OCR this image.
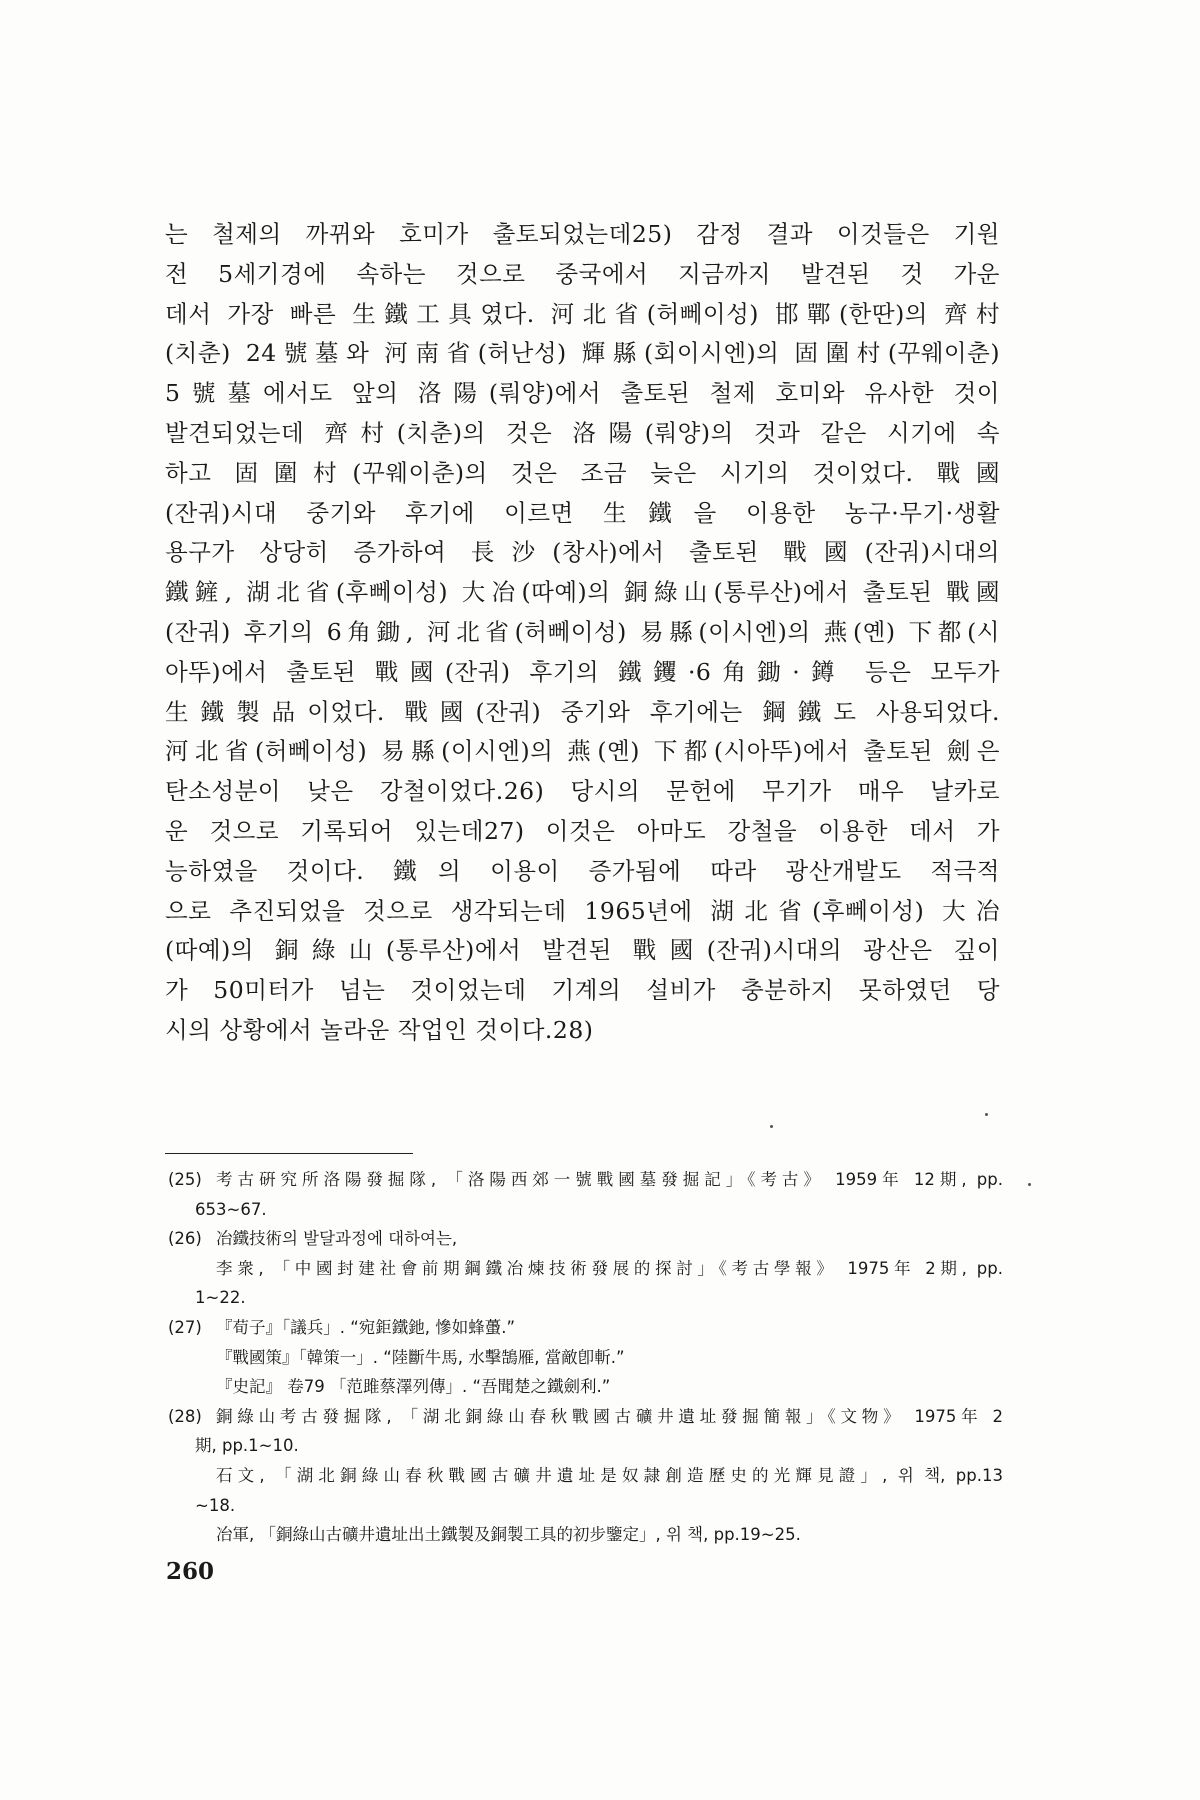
는 철제의 까뀌와 호미가 출토되었는데25) 감정 결과 이것들은 기원
전 5세기경에 속하는 것으로 중국에서 지금까지 발견된 것 가운
데서 가장 빠른 生鐵工具였다. 河北省(허뻬이성) 邯鄲(한딴)의 齊村
(치춘) 24號墓와 河南省(허난성) 輝縣(회이시엔)의 固圍村(꾸웨이춘)
5號墓에서도 앞의 洛陽(뤄양)에서 출토된 철제 호미와 유사한 것이
발견되었는데 齊村(치춘)의 것은 洛陽(뤄양)의 것과 같은 시기에 속
하고 固圍村(꾸웨이춘)의 것은 조금 늦은 시기의 것이었다. 戰國
(잔궈)시대 중기와 후기에 이르면 生鐵을 이용한 농구·무기·생활
용구가 상당히 증가하여 長沙(창사)에서 출토된 戰國(잔궈)시대의
鐵鏟, 湖北省(후뻬이성) 大冶(따예)의 銅綠山(통루산)에서 출토된 戰國
(잔궈) 후기의 6角鋤, 河北省(허뻬이성) 易縣(이시엔)의 燕(옌) 下都(시
아뚜)에서 출토된 戰國(잔궈) 후기의 鐵钁·6角鋤·鐏 등은 모두가
生鐵製品이었다. 戰國(잔궈) 중기와 후기에는 鋼鐵도 사용되었다.
河北省(허뻬이성) 易縣(이시엔)의 燕(옌) 下都(시아뚜)에서 출토된 劍은
탄소성분이 낮은 강철이었다.26) 당시의 문헌에 무기가 매우 날카로
운 것으로 기록되어 있는데27) 이것은 아마도 강철을 이용한 데서 가
능하였을 것이다. 鐵의 이용이 증가됨에 따라 광산개발도 적극적
으로 추진되었을 것으로 생각되는데 1965년에 湖北省(후뻬이성) 大冶
(따예)의 銅綠山(통루산)에서 발견된 戰國(잔궈)시대의 광산은 깊이
가 50미터가 넘는 것이었는데 기계의 설비가 충분하지 못하였던 당
시의 상황에서 놀라운 작업인 것이다.28)
(25) 考古硏究所洛陽發掘隊, 「洛陽西郊一號戰國墓發掘記」《考古》 1959年 12期, pp.
653~67.
(26) 冶鐵技術의 발달과정에 대하여는,
李衆, 「中國封建社會前期鋼鐵冶煉技術發展的探討」《考古學報》 1975年 2期, pp.
1~22.
(27) 『荀子』「議兵」. “宛鉅鐵釶, 慘如蜂蠆.”
『戰國策』「韓策一」. “陸斷牛馬, 水擊鵠雁, 當敵卽斬.”
『史記』 卷79 「范雎蔡澤列傳」. “吾聞楚之鐵劍利.”
(28) 銅綠山考古發掘隊, 「湖北銅綠山春秋戰國古礦井遺址發掘簡報」《文物》 1975年 2
期, pp.1~10.
石文, 「湖北銅綠山春秋戰國古礦井遺址是奴隷創造歷史的光輝見證」, 위 책, pp.13
~18.
冶軍, 「銅綠山古礦井遺址出土鐵製及銅製工具的初步鑒定」, 위 책, pp.19~25.
260
